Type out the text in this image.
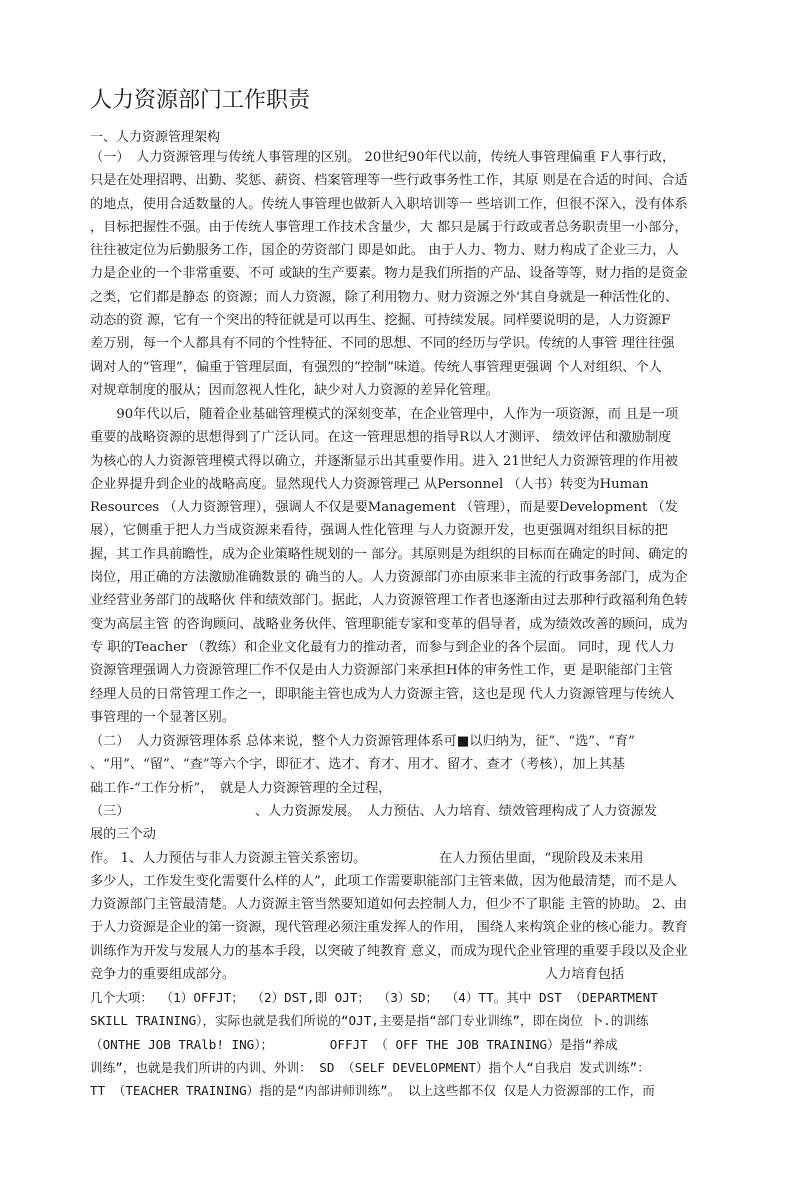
人力资源部门工作职责
一、人力资源管理架构
（一）　人力资源管理与传统人事管理的区别。 20世纪90年代以前，传统人事管理偏重 F人事行政，
只是在处理招聘、出勤、奖惩、薪资、档案管理等一些行政事务性工作，其原 则是在合适的时间、合适
的地点，使用合适数量的人。传统人事管理也做新人入职培训等一 些培训工作，但很不深入，没有体系
，目标把握性不强。由于传统人事管理工作技术含量少，大 都只是属于行政或者总务职责里一小部分，
往往被定位为后勤服务工作，国企的劳资部门 即是如此。 由于人力、物力、财力构成了企业三力，人
力是企业的一个非常重要、不可 或缺的生产要素。物力是我们所指的产品、设备等等，财力指的是资金
之类，它们都是静态 的资源；而人力资源，除了利用物力、财力资源之外'其自身就是一种活性化的、
动态的资 源，它有一个突出的特征就是可以再生、挖掘、可持续发展。同样要说明的是，人力资源F
差万别，每一个人都具有不同的个性特征、不同的思想、不同的经历与学识。传统的人事管 理往往强
调对人的“管理”，偏重于管理层面，有强烈的“控制”味道。传统人事管理更强调 个人对组织、个人
对规章制度的服从；因而忽视人性化，缺少对人力资源的差异化管理。
　　90年代以后，随着企业基础管理模式的深刻变革，在企业管理中，人作为一项资源，而 且是一项
重要的战略资源的思想得到了广泛认同。在这一管理思想的指导R以人才测评、 绩效评估和激励制度
为核心的人力资源管理模式得以确立，并逐渐显示出其重要作用。进入 21世纪人力资源管理的作用被
企业界提升到企业的战略高度。显然现代人力资源管理己 从Personnel （人书）转变为Human
Resources （人力资源管理），强调人不仅是要Management （管理），而是要Development （发
展），它侧重于把人力当成资源来看待，强调人性化管理 与人力资源开发，也更强调对组织目标的把
握，其工作具前瞻性，成为企业策略性规划的一 部分。其原则是为组织的目标而在确定的时间、确定的
岗位，用正确的方法激励准确数景的 确当的人。人力资源部门亦由原来非主流的行政事务部门，成为企
业经营业务部门的战略伙 伴和绩效部门。据此，人力资源管理工作者也逐渐由过去那种行政福利角色转
变为高层主管 的咨询顾问、战略业务伙伴、管理职能专家和变革的倡导者，成为绩效改善的顾问，成为
专 职的Teacher （教练）和企业文化最有力的推动者，而参与到企业的各个层面。 同时，现 代人力
资源管理强调人力资源管理匚作不仅是由人力资源部门来承担H体的审务性工作，更 是职能部门主管
经理人员的日常管理工作之一，即职能主管也成为人力资源主管，这也是现 代人力资源管理与传统人
事管理的一个显著区别。
（二）　人力资源管理体系 总体来说，整个人力资源管理体系可■以归纳为，征”、“选”、“育”
、“用”、“留”、“查”等六个字，即征才、选才、育才、用才、留才、查才（考核），加上其基
础工作-“工作分析”，　就是人力资源管理的全过程，
（三）　　　　　　　　　　、人力资源发展。　人力预估、人力培育、绩效管理构成了人力资源发
展的三个动
作。 1、人力预估与非人力资源主管关系密切。　　　　　　在人力预估里面，“现阶段及未来用
多少人，工作发生变化需要什么样的人”，此项工作需要职能部门主管来做，因为他最清楚，而不是人
力资源部门主管最清楚。人力资源主管当然要知道如何去控制人力，但少不了职能 主管的协助。 2、由
于人力资源是企业的第一资源，现代管理必须注重发挥人的作用， 围绕人来构筑企业的核心能力。教育
训练作为开发与发展人力的基本手段，以突破了纯教育 意义，而成为现代企业管理的重要手段以及企业
竞争力的重要组成部分。　　　　　　　　　　　　　　　　　　　　　　　　人力培育包括
几个大项： （1）OFFJT； （2）DST,即 OJT； （3）SD； （4）TT。其中 DST （DEPARTMENT
SKILL TRAINING），实际也就是我们所说的“OJT,主要是指“部门专业训练”，即在岗位 卜.的训练
（ONTHE JOB TRAlb! ING）；　　　　　OFFJT （ OFF THE JOB TRAINING）是指“养成
训练”，也就是我们所讲的内训、外训： SD （SELF DEVELOPMENT）指个人“自我启 发式训练”：
TT （TEACHER TRAINING）指的是“内部讲师训练”。 以上这些都不仅 仅是人力资源部的工作，而
